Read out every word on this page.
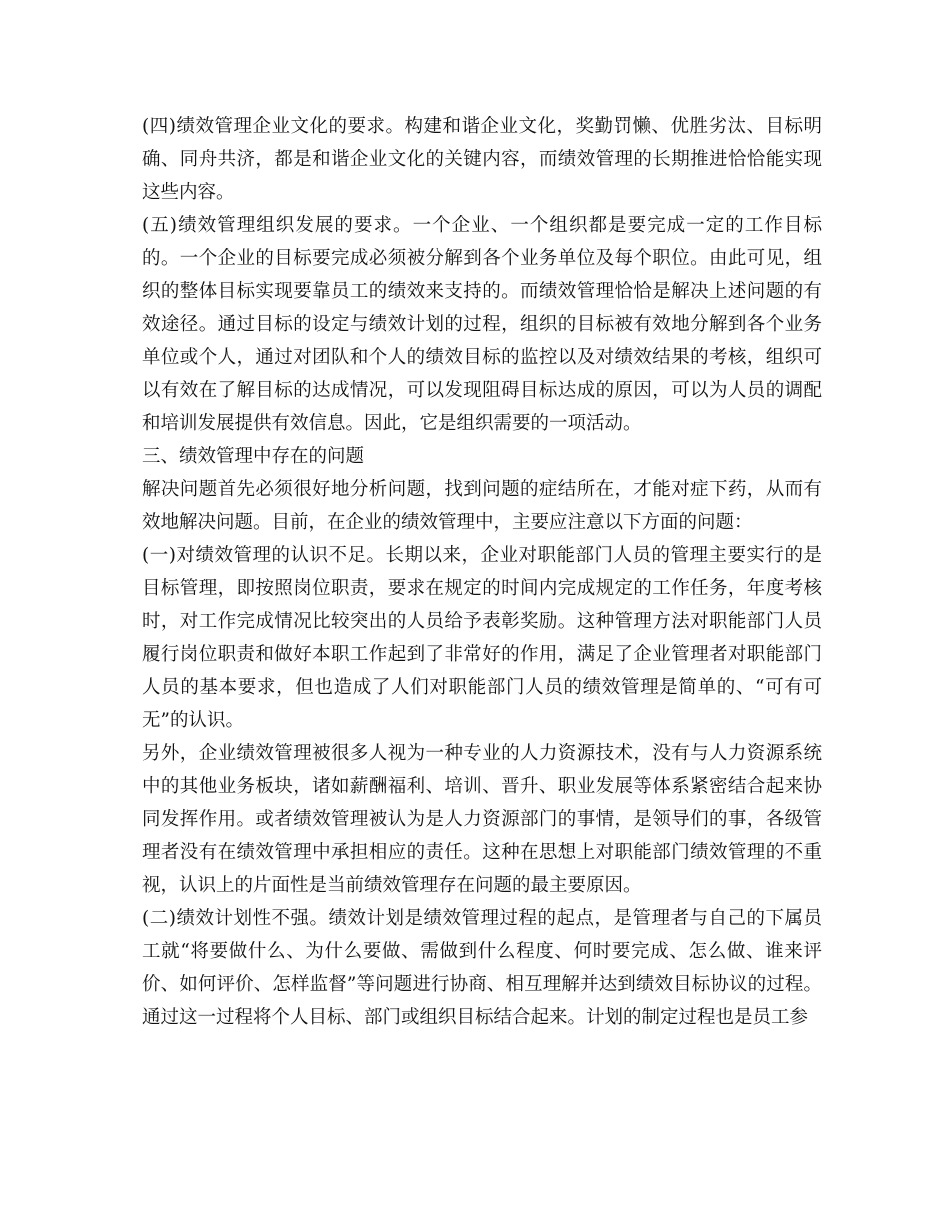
(四)绩效管理企业文化的要求。构建和谐企业文化，奖勤罚懒、优胜劣汰、目标明确、同舟共济，都是和谐企业文化的关键内容，而绩效管理的长期推进恰恰能实现这些内容。

(五)绩效管理组织发展的要求。一个企业、一个组织都是要完成一定的工作目标的。一个企业的目标要完成必须被分解到各个业务单位及每个职位。由此可见，组织的整体目标实现要靠员工的绩效来支持的。而绩效管理恰恰是解决上述问题的有效途径。通过目标的设定与绩效计划的过程，组织的目标被有效地分解到各个业务单位或个人，通过对团队和个人的绩效目标的监控以及对绩效结果的考核，组织可以有效在了解目标的达成情况，可以发现阻碍目标达成的原因，可以为人员的调配和培训发展提供有效信息。因此，它是组织需要的一项活动。

三、绩效管理中存在的问题

解决问题首先必须很好地分析问题，找到问题的症结所在，才能对症下药，从而有效地解决问题。目前，在企业的绩效管理中，主要应注意以下方面的问题：

(一)对绩效管理的认识不足。长期以来，企业对职能部门人员的管理主要实行的是目标管理，即按照岗位职责，要求在规定的时间内完成规定的工作任务，年度考核时，对工作完成情况比较突出的人员给予表彰奖励。这种管理方法对职能部门人员履行岗位职责和做好本职工作起到了非常好的作用，满足了企业管理者对职能部门人员的基本要求，但也造成了人们对职能部门人员的绩效管理是简单的、“可有可无”的认识。

另外，企业绩效管理被很多人视为一种专业的人力资源技术，没有与人力资源系统中的其他业务板块，诸如薪酬福利、培训、晋升、职业发展等体系紧密结合起来协同发挥作用。或者绩效管理被认为是人力资源部门的事情，是领导们的事，各级管理者没有在绩效管理中承担相应的责任。这种在思想上对职能部门绩效管理的不重视，认识上的片面性是当前绩效管理存在问题的最主要原因。

(二)绩效计划性不强。绩效计划是绩效管理过程的起点，是管理者与自己的下属员工就“将要做什么、为什么要做、需做到什么程度、何时要完成、怎么做、谁来评价、如何评价、怎样监督”等问题进行协商、相互理解并达到绩效目标协议的过程。通过这一过程将个人目标、部门或组织目标结合起来。计划的制定过程也是员工参
